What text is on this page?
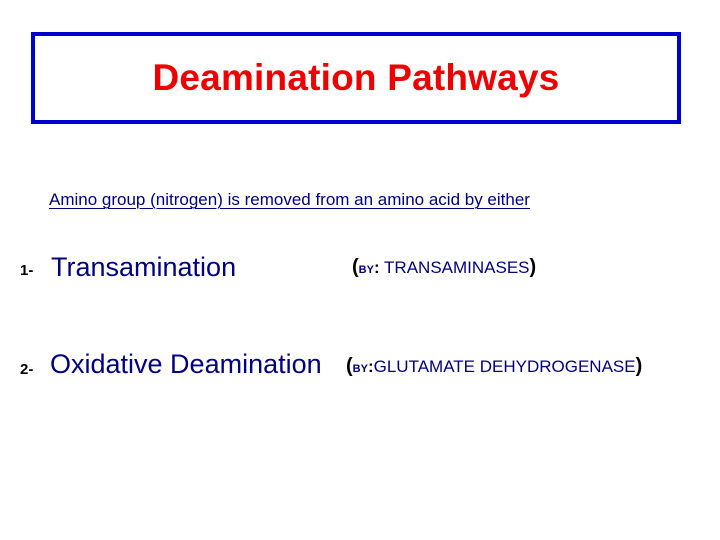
Deamination Pathways
Amino group (nitrogen) is removed from an amino acid by either
1- Transamination	(BY: TRANSAMINASES)
2- Oxidative Deamination (BY:GLUTAMATE DEHYDROGENASE)
